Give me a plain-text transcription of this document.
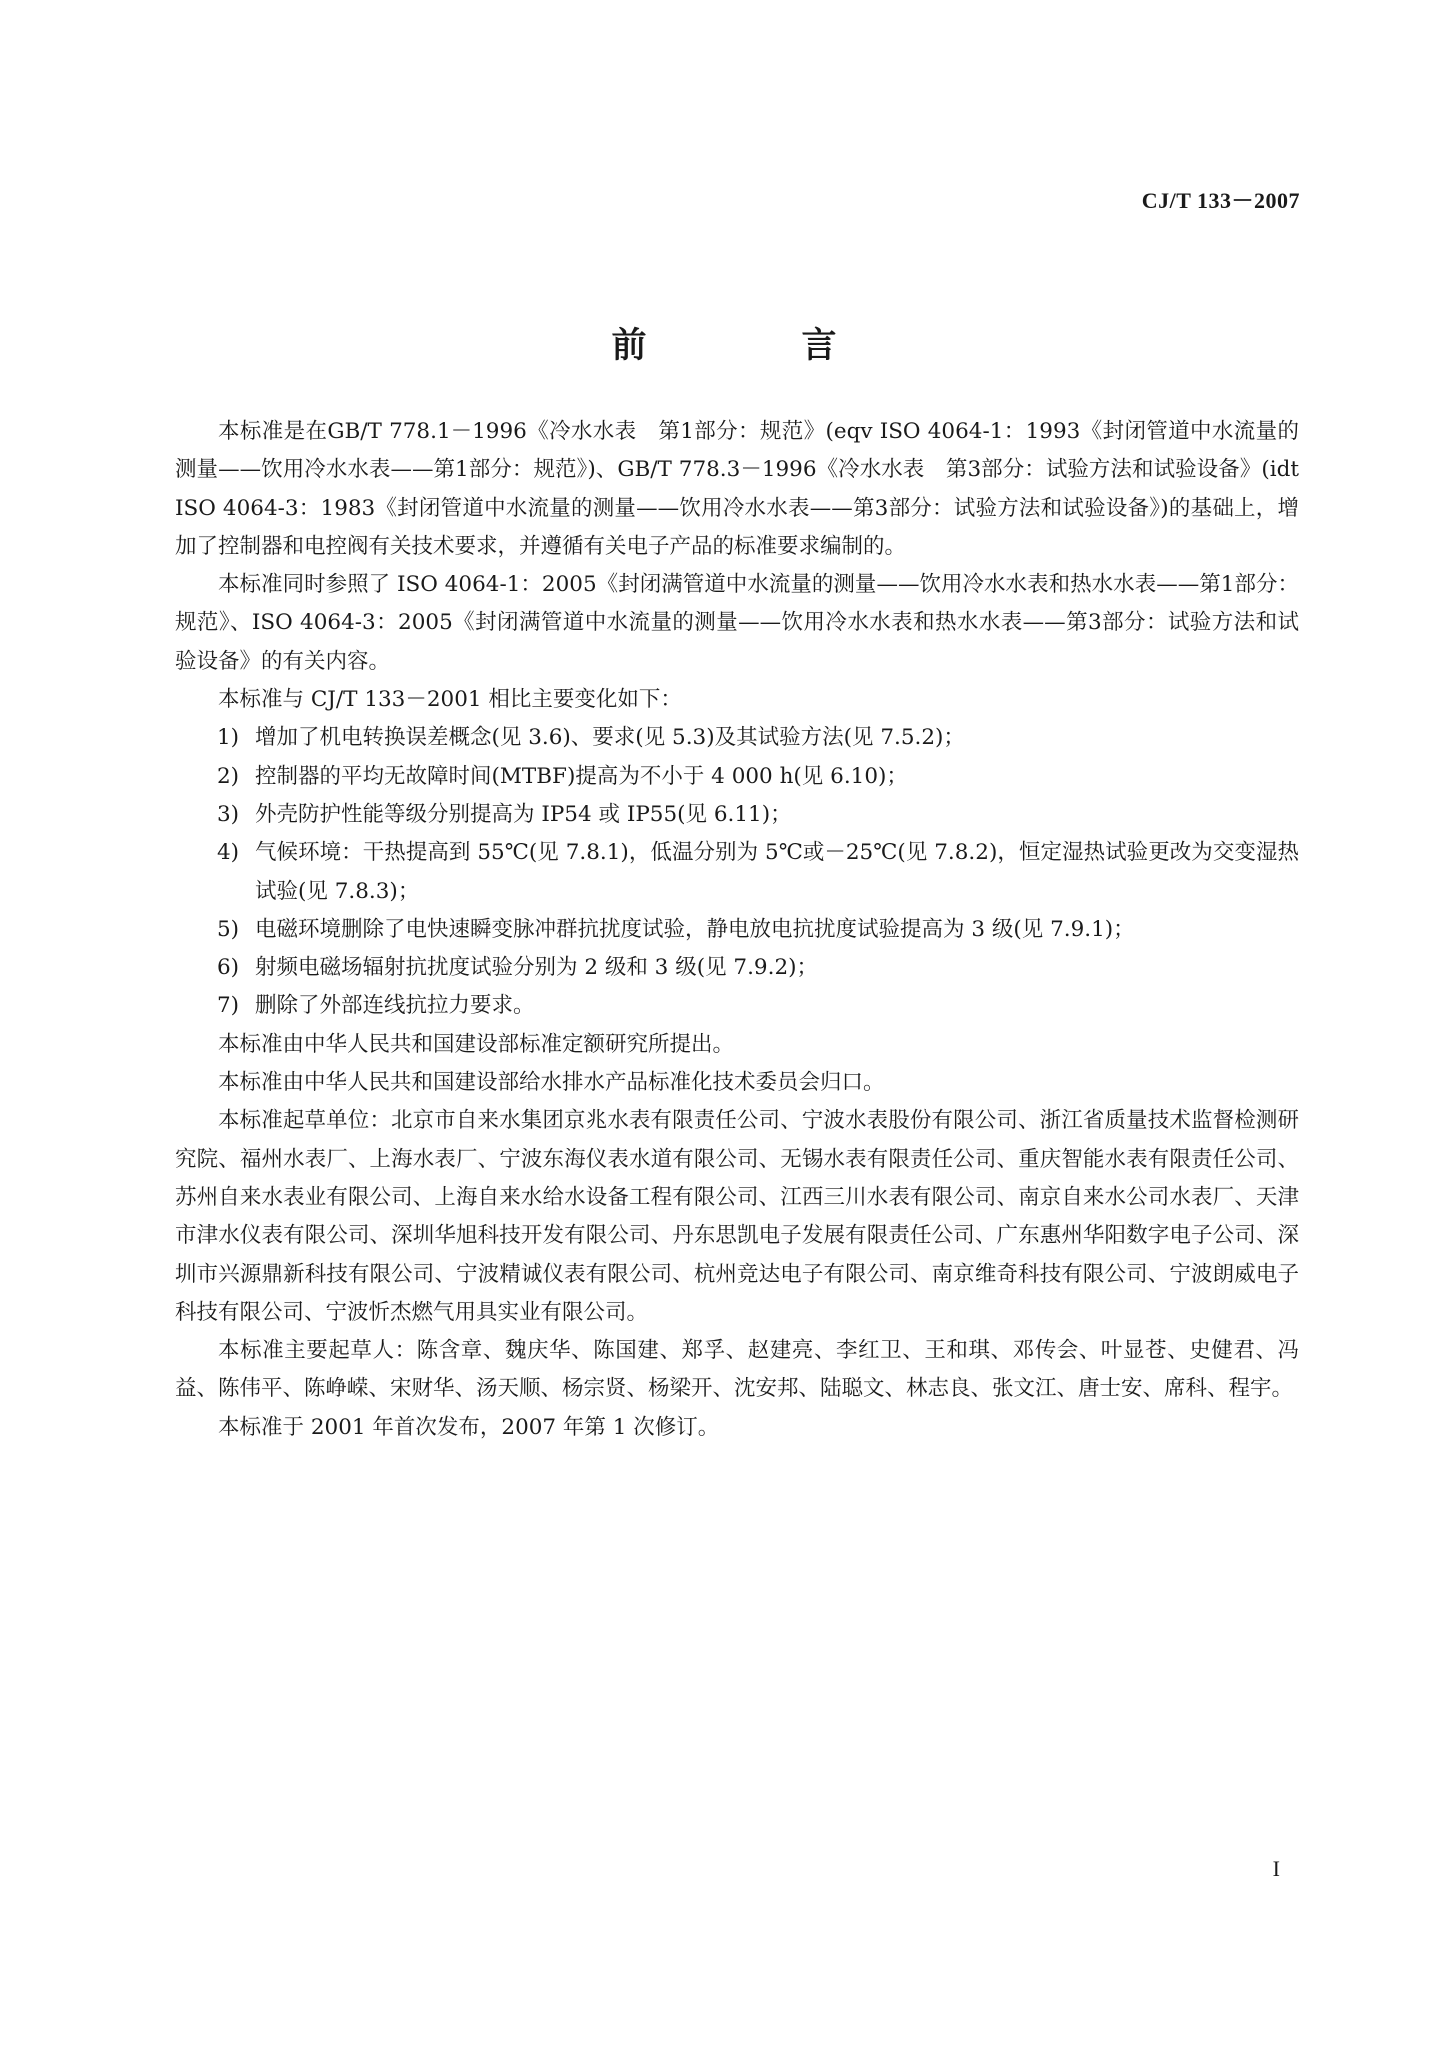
CJ/T 133－2007
前　言

本标准是在GB/T 778.1－1996《冷水水表　第1部分：规范》(eqv ISO 4064-1：1993《封闭管道中水流量的测量——饮用冷水水表——第1部分：规范》)、GB/T 778.3－1996《冷水水表　第3部分：试验方法和试验设备》(idt ISO 4064-3：1983《封闭管道中水流量的测量——饮用冷水水表——第3部分：试验方法和试验设备》)的基础上，增加了控制器和电控阀有关技术要求，并遵循有关电子产品的标准要求编制的。

本标准同时参照了 ISO 4064-1：2005《封闭满管道中水流量的测量——饮用冷水水表和热水水表——第1部分：规范》、ISO 4064-3：2005《封闭满管道中水流量的测量——饮用冷水水表和热水水表——第3部分：试验方法和试验设备》的有关内容。

本标准与 CJ/T 133－2001 相比主要变化如下：

1) 增加了机电转换误差概念(见 3.6)、要求(见 5.3)及其试验方法(见 7.5.2)；

2) 控制器的平均无故障时间(MTBF)提高为不小于 4 000 h(见 6.10)；

3) 外壳防护性能等级分别提高为 IP54 或 IP55(见 6.11)；

4) 气候环境：干热提高到 55℃(见 7.8.1)，低温分别为 5℃或－25℃(见 7.8.2)，恒定湿热试验更改为交变湿热试验(见 7.8.3)；

5) 电磁环境删除了电快速瞬变脉冲群抗扰度试验，静电放电抗扰度试验提高为 3 级(见 7.9.1)；

6) 射频电磁场辐射抗扰度试验分别为 2 级和 3 级(见 7.9.2)；

7) 删除了外部连线抗拉力要求。

本标准由中华人民共和国建设部标准定额研究所提出。

本标准由中华人民共和国建设部给水排水产品标准化技术委员会归口。

本标准起草单位：北京市自来水集团京兆水表有限责任公司、宁波水表股份有限公司、浙江省质量技术监督检测研究院、福州水表厂、上海水表厂、宁波东海仪表水道有限公司、无锡水表有限责任公司、重庆智能水表有限责任公司、苏州自来水表业有限公司、上海自来水给水设备工程有限公司、江西三川水表有限公司、南京自来水公司水表厂、天津市津水仪表有限公司、深圳华旭科技开发有限公司、丹东思凯电子发展有限责任公司、广东惠州华阳数字电子公司、深圳市兴源鼎新科技有限公司、宁波精诚仪表有限公司、杭州竞达电子有限公司、南京维奇科技有限公司、宁波朗威电子科技有限公司、宁波忻杰燃气用具实业有限公司。

本标准主要起草人：陈含章、魏庆华、陈国建、郑孚、赵建亮、李红卫、王和琪、邓传会、叶显苍、史健君、冯益、陈伟平、陈峥嵘、宋财华、汤天顺、杨宗贤、杨梁开、沈安邦、陆聪文、林志良、张文江、唐士安、席科、程宇。

本标准于 2001 年首次发布，2007 年第 1 次修订。

I
